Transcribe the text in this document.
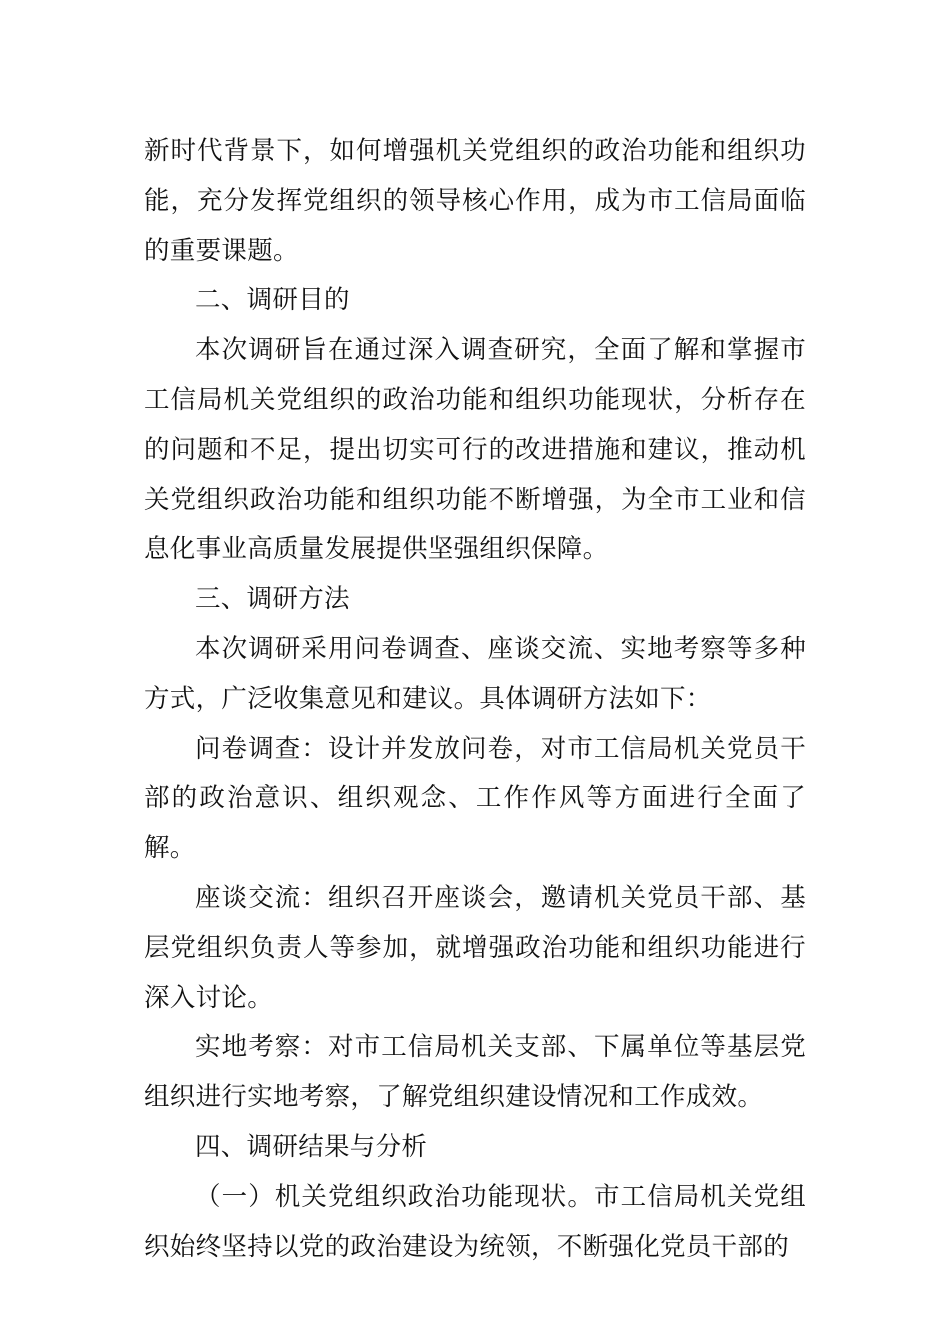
新时代背景下，如何增强机关党组织的政治功能和组织功能，充分发挥党组织的领导核心作用，成为市工信局面临的重要课题。

二、调研目的

本次调研旨在通过深入调查研究，全面了解和掌握市工信局机关党组织的政治功能和组织功能现状，分析存在的问题和不足，提出切实可行的改进措施和建议，推动机关党组织政治功能和组织功能不断增强，为全市工业和信息化事业高质量发展提供坚强组织保障。

三、调研方法

本次调研采用问卷调查、座谈交流、实地考察等多种方式，广泛收集意见和建议。具体调研方法如下：

问卷调查：设计并发放问卷，对市工信局机关党员干部的政治意识、组织观念、工作作风等方面进行全面了解。

座谈交流：组织召开座谈会，邀请机关党员干部、基层党组织负责人等参加，就增强政治功能和组织功能进行深入讨论。

实地考察：对市工信局机关支部、下属单位等基层党组织进行实地考察，了解党组织建设情况和工作成效。

四、调研结果与分析

（一）机关党组织政治功能现状。市工信局机关党组织始终坚持以党的政治建设为统领，不断强化党员干部的
